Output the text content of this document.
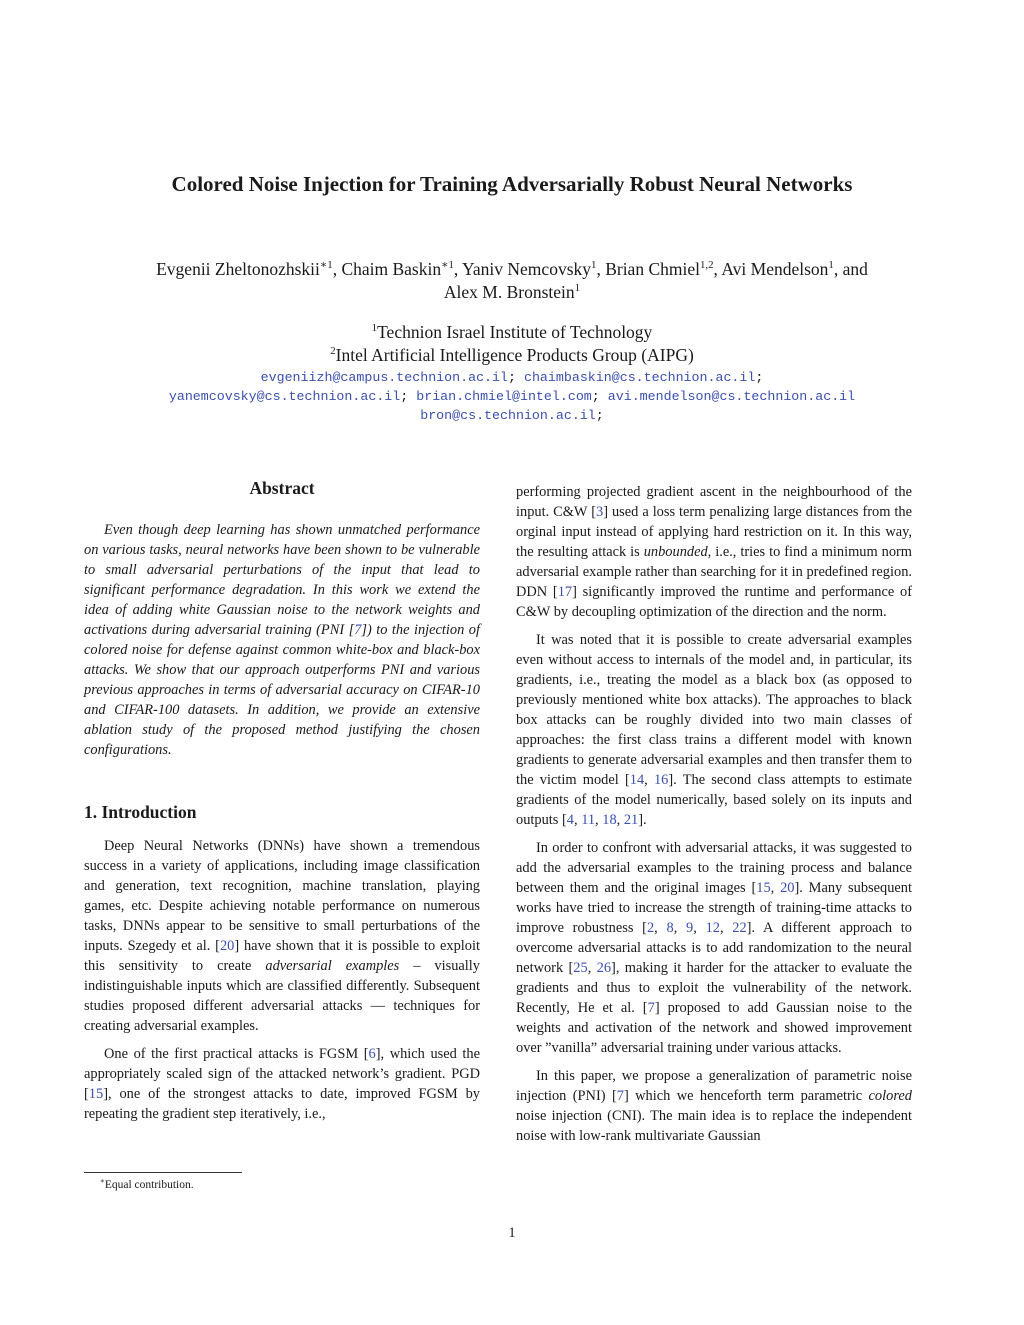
Colored Noise Injection for Training Adversarially Robust Neural Networks
Evgenii Zheltonozhskii$^{∗1}$, Chaim Baskin$^{∗1}$, Yaniv Nemcovsky$^1$, Brian Chmiel$^{1,2}$, Avi Mendelson$^1$, and
Alex M. Bronstein$^1$
$^1$Technion Israel Institute of Technology
$^2$Intel Artificial Intelligence Products Group (AIPG)
evgeniizh@campus.technion.ac.il; chaimbaskin@cs.technion.ac.il;
yanemcovsky@cs.technion.ac.il; brian.chmiel@intel.com; avi.mendelson@cs.technion.ac.il
bron@cs.technion.ac.il;
Abstract

Even though deep learning has shown unmatched performance on various tasks, neural networks have been shown to be vulnerable to small adversarial perturbations of the input that lead to significant performance degradation. In this work we extend the idea of adding white Gaussian noise to the network weights and activations during adversarial training (PNI [7]) to the injection of colored noise for defense against common white-box and black-box attacks. We show that our approach outperforms PNI and various previous approaches in terms of adversarial accuracy on CIFAR-10 and CIFAR-100 datasets. In addition, we provide an extensive ablation study of the proposed method justifying the chosen configurations.

1. Introduction

Deep Neural Networks (DNNs) have shown a tremendous success in a variety of applications, including image classification and generation, text recognition, machine translation, playing games, etc. Despite achieving notable performance on numerous tasks, DNNs appear to be sensitive to small perturbations of the inputs. Szegedy et al. [20] have shown that it is possible to exploit this sensitivity to create adversarial examples – visually indistinguishable inputs which are classified differently. Subsequent studies proposed different adversarial attacks — techniques for creating adversarial examples.

One of the first practical attacks is FGSM [6], which used the appropriately scaled sign of the attacked network’s gradient. PGD [15], one of the strongest attacks to date, improved FGSM by repeating the gradient step iteratively, i.e.,

performing projected gradient ascent in the neighbourhood of the input. C&W [3] used a loss term penalizing large distances from the orginal input instead of applying hard restriction on it. In this way, the resulting attack is unbounded, i.e., tries to find a minimum norm adversarial example rather than searching for it in predefined region. DDN [17] significantly improved the runtime and performance of C&W by decoupling optimization of the direction and the norm.

It was noted that it is possible to create adversarial examples even without access to internals of the model and, in particular, its gradients, i.e., treating the model as a black box (as opposed to previously mentioned white box attacks). The approaches to black box attacks can be roughly divided into two main classes of approaches: the first class trains a different model with known gradients to generate adversarial examples and then transfer them to the victim model [14, 16]. The second class attempts to estimate gradients of the model numerically, based solely on its inputs and outputs [4, 11, 18, 21].

In order to confront with adversarial attacks, it was suggested to add the adversarial examples to the training process and balance between them and the original images [15, 20]. Many subsequent works have tried to increase the strength of training-time attacks to improve robustness [2, 8, 9, 12, 22]. A different approach to overcome adversarial attacks is to add randomization to the neural network [25, 26], making it harder for the attacker to evaluate the gradients and thus to exploit the vulnerability of the network. Recently, He et al. [7] proposed to add Gaussian noise to the weights and activation of the network and showed improvement over ”vanilla” adversarial training under various attacks.

In this paper, we propose a generalization of parametric noise injection (PNI) [7] which we henceforth term parametric colored noise injection (CNI). The main idea is to replace the independent noise with low-rank multivariate Gaussian

∗Equal contribution.
1
